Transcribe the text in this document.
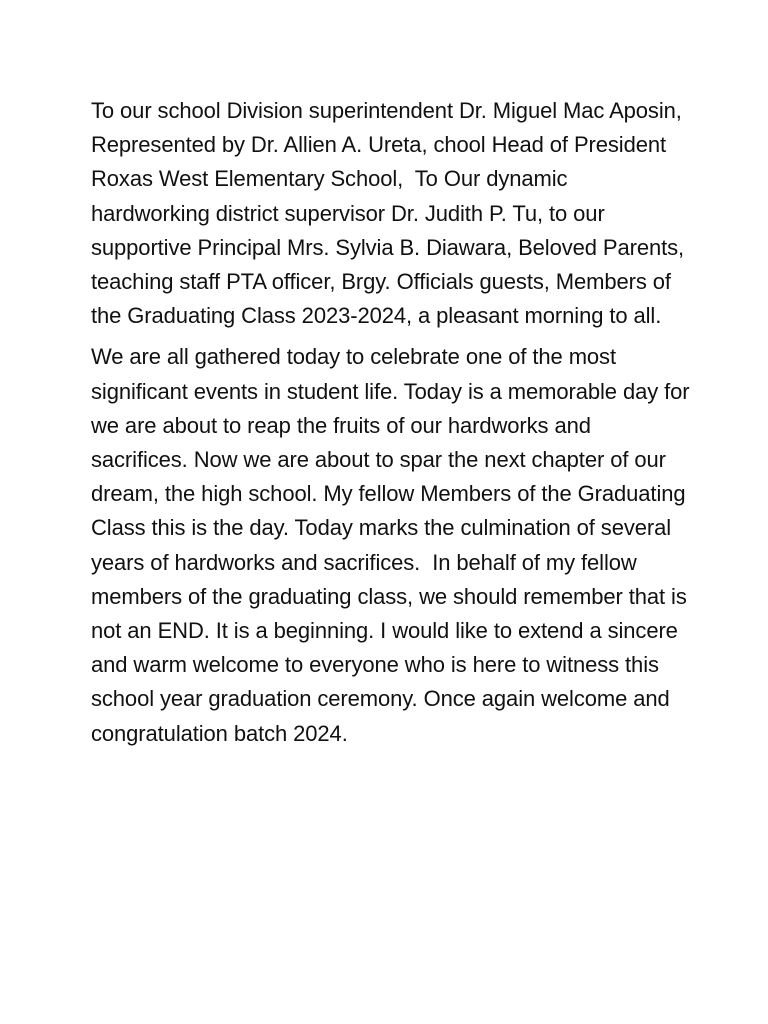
To our school Division superintendent Dr. Miguel Mac Aposin, Represented by Dr. Allien A. Ureta, chool Head of President Roxas West Elementary School,  To Our dynamic hardworking district supervisor Dr. Judith P. Tu, to our supportive Principal Mrs. Sylvia B. Diawara, Beloved Parents, teaching staff PTA officer, Brgy. Officials guests, Members of the Graduating Class 2023-2024, a pleasant morning to all.

We are all gathered today to celebrate one of the most significant events in student life. Today is a memorable day for we are about to reap the fruits of our hardworks and sacrifices. Now we are about to spar the next chapter of our dream, the high school. My fellow Members of the Graduating Class this is the day. Today marks the culmination of several years of hardworks and sacrifices.  In behalf of my fellow members of the graduating class, we should remember that is not an END. It is a beginning. I would like to extend a sincere and warm welcome to everyone who is here to witness this school year graduation ceremony. Once again welcome and congratulation batch 2024.
